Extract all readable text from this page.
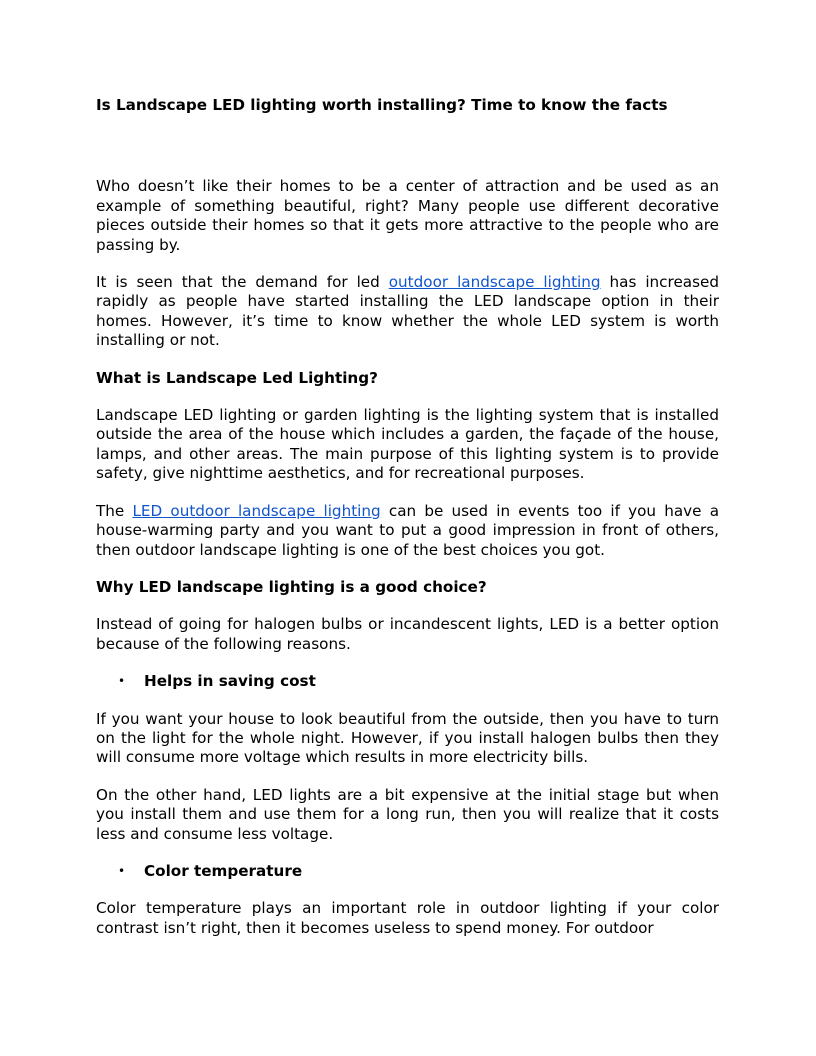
Is Landscape LED lighting worth installing? Time to know the facts

Who doesn’t like their homes to be a center of attraction and be used as an example of something beautiful, right? Many people use different decorative pieces outside their homes so that it gets more attractive to the people who are passing by.

It is seen that the demand for led outdoor landscape lighting has increased rapidly as people have started installing the LED landscape option in their homes. However, it’s time to know whether the whole LED system is worth installing or not.

What is Landscape Led Lighting?

Landscape LED lighting or garden lighting is the lighting system that is installed outside the area of the house which includes a garden, the façade of the house, lamps, and other areas. The main purpose of this lighting system is to provide safety, give nighttime aesthetics, and for recreational purposes.

The LED outdoor landscape lighting can be used in events too if you have a house-warming party and you want to put a good impression in front of others, then outdoor landscape lighting is one of the best choices you got.

Why LED landscape lighting is a good choice?

Instead of going for halogen bulbs or incandescent lights, LED is a better option because of the following reasons.

• Helps in saving cost

If you want your house to look beautiful from the outside, then you have to turn on the light for the whole night. However, if you install halogen bulbs then they will consume more voltage which results in more electricity bills.

On the other hand, LED lights are a bit expensive at the initial stage but when you install them and use them for a long run, then you will realize that it costs less and consume less voltage.

• Color temperature

Color temperature plays an important role in outdoor lighting if your color contrast isn’t right, then it becomes useless to spend money. For outdoor
